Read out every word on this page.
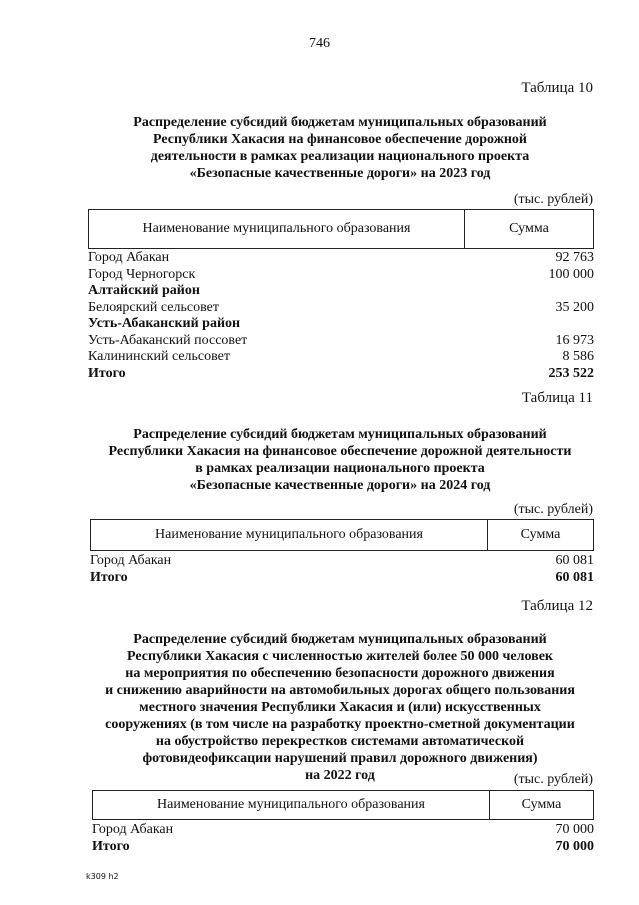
746
Таблица 10
Распределение субсидий бюджетам муниципальных образований
Республики Хакасия на финансовое обеспечение дорожной
деятельности в рамках реализации национального проекта
«Безопасные качественные дороги» на 2023 год
(тыс. рублей)
Наименование муниципального образования	Сумма
Город Абакан	92 763
Город Черногорск	100 000
Алтайский район
Белоярский сельсовет	35 200
Усть-Абаканский район
Усть-Абаканский поссовет	16 973
Калининский сельсовет	8 586
Итого	253 522
Таблица 11
Распределение субсидий бюджетам муниципальных образований
Республики Хакасия на финансовое обеспечение дорожной деятельности
в рамках реализации национального проекта
«Безопасные качественные дороги» на 2024 год
(тыс. рублей)
Наименование муниципального образования	Сумма
Город Абакан	60 081
Итого	60 081
Таблица 12
Распределение субсидий бюджетам муниципальных образований
Республики Хакасия с численностью жителей более 50 000 человек
на мероприятия по обеспечению безопасности дорожного движения
и снижению аварийности на автомобильных дорогах общего пользования
местного значения Республики Хакасия и (или) искусственных
сооружениях (в том числе на разработку проектно-сметной документации
на обустройство перекрестков системами автоматической
фотовидеофиксации нарушений правил дорожного движения)
на 2022 год	(тыс. рублей)
Наименование муниципального образования	Сумма
Город Абакан	70 000
Итого	70 000
k309 h2
